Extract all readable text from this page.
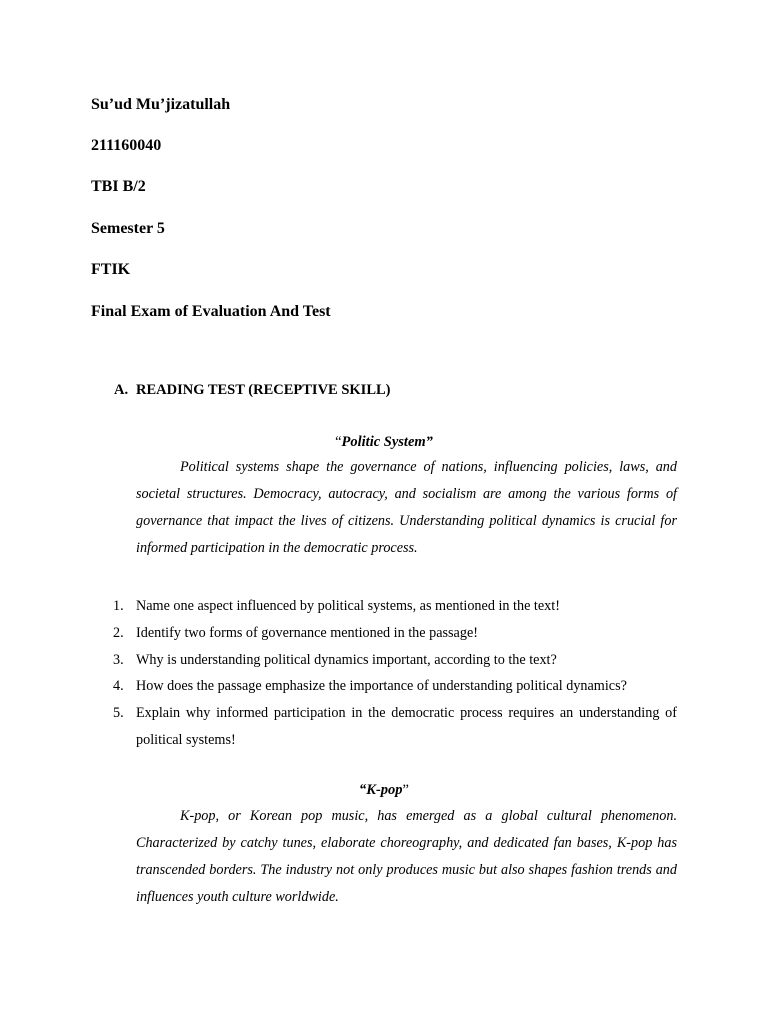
Su’ud Mu’jizatullah
211160040
TBI B/2
Semester 5
FTIK
Final Exam of Evaluation And Test
A. READING TEST (RECEPTIVE SKILL)
“Politic System”

Political systems shape the governance of nations, influencing policies, laws, and societal structures. Democracy, autocracy, and socialism are among the various forms of governance that impact the lives of citizens. Understanding political dynamics is crucial for informed participation in the democratic process.

1. Name one aspect influenced by political systems, as mentioned in the text!
2. Identify two forms of governance mentioned in the passage!
3. Why is understanding political dynamics important, according to the text?
4. How does the passage emphasize the importance of understanding political dynamics?
5. Explain why informed participation in the democratic process requires an understanding of political systems!
“K-pop”

K-pop, or Korean pop music, has emerged as a global cultural phenomenon. Characterized by catchy tunes, elaborate choreography, and dedicated fan bases, K-pop has transcended borders. The industry not only produces music but also shapes fashion trends and influences youth culture worldwide.
